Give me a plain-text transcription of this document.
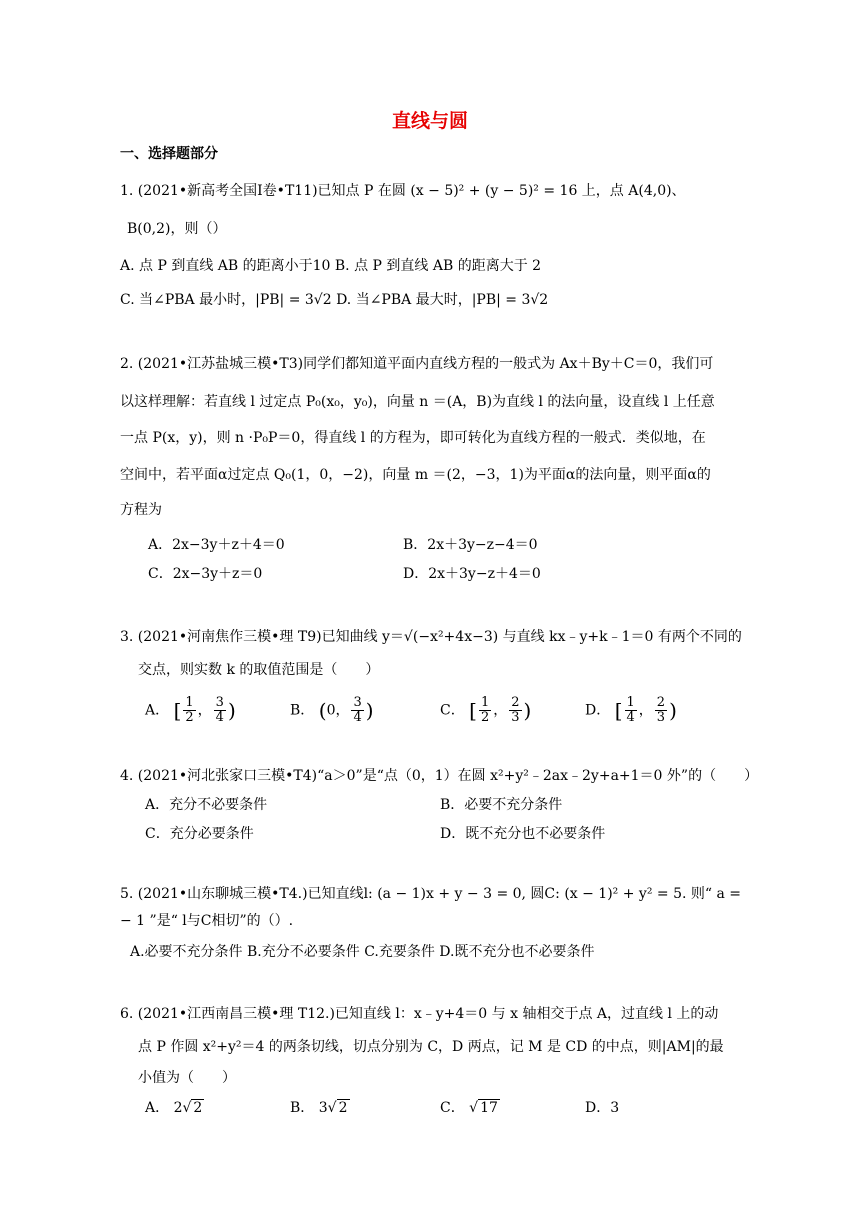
直线与圆
一、选择题部分
1. (2021•新高考全国Ⅰ卷•T11)已知点 P 在圆 (x − 5)² + (y − 5)² = 16 上，点 A(4,0)、
B(0,2)，则（）
A. 点 P 到直线 AB 的距离小于10 B. 点 P 到直线 AB 的距离大于 2
C. 当∠PBA 最小时，|PB| = 3√2 D. 当∠PBA 最大时，|PB| = 3√2
2. (2021•江苏盐城三模•T3)同学们都知道平面内直线方程的一般式为 Ax＋By＋C＝0，我们可
以这样理解：若直线 l 过定点 P₀(x₀，y₀)，向量 n ＝(A，B)为直线 l 的法向量，设直线 l 上任意
一点 P(x，y)，则 n ·P₀P＝0，得直线 l 的方程为，即可转化为直线方程的一般式．类似地，在
空间中，若平面α过定点 Q₀(1，0，−2)，向量 m ＝(2，−3，1)为平面α的法向量，则平面α的
方程为
A．2x−3y＋z＋4＝0	B．2x＋3y−z−4＝0
C．2x−3y＋z＝0	D．2x＋3y−z＋4＝0
3. (2021•河南焦作三模•理 T9)已知曲线 y＝√(−x²+4x−3) 与直线 kx﹣y+k﹣1＝0 有两个不同的
交点，则实数 k 的取值范围是（　　）
A． [ $\frac{1}{2}$ ， $\frac{3}{4}$ )	B． (0， $\frac{3}{4}$ )	C． [ $\frac{1}{2}$ ， $\frac{2}{3}$ )	D． [ $\frac{1}{4}$ ， $\frac{2}{3}$ )
4. (2021•河北张家口三模•T4)“a＞0”是“点（0，1）在圆 x²+y²﹣2ax﹣2y+a+1＝0 外”的（　　）
A．充分不必要条件	B．必要不充分条件
C．充分必要条件	D．既不充分也不必要条件
5. (2021•山东聊城三模•T4.)已知直线l: (a − 1)x + y − 3 = 0, 圆C: (x − 1)² + y² = 5. 则“ a =
− 1 ”是“ l与C相切”的（）.
A.必要不充分条件 B.充分不必要条件 C.充要条件 D.既不充分也不必要条件
6. (2021•江西南昌三模•理 T12.)已知直线 l：x﹣y+4＝0 与 x 轴相交于点 A，过直线 l 上的动
点 P 作圆 x²+y²＝4 的两条切线，切点分别为 C，D 两点，记 M 是 CD 的中点，则|AM|的最
小值为（　　）
A． 2√ 2	B． 3√ 2	C． √ 17	D．3
